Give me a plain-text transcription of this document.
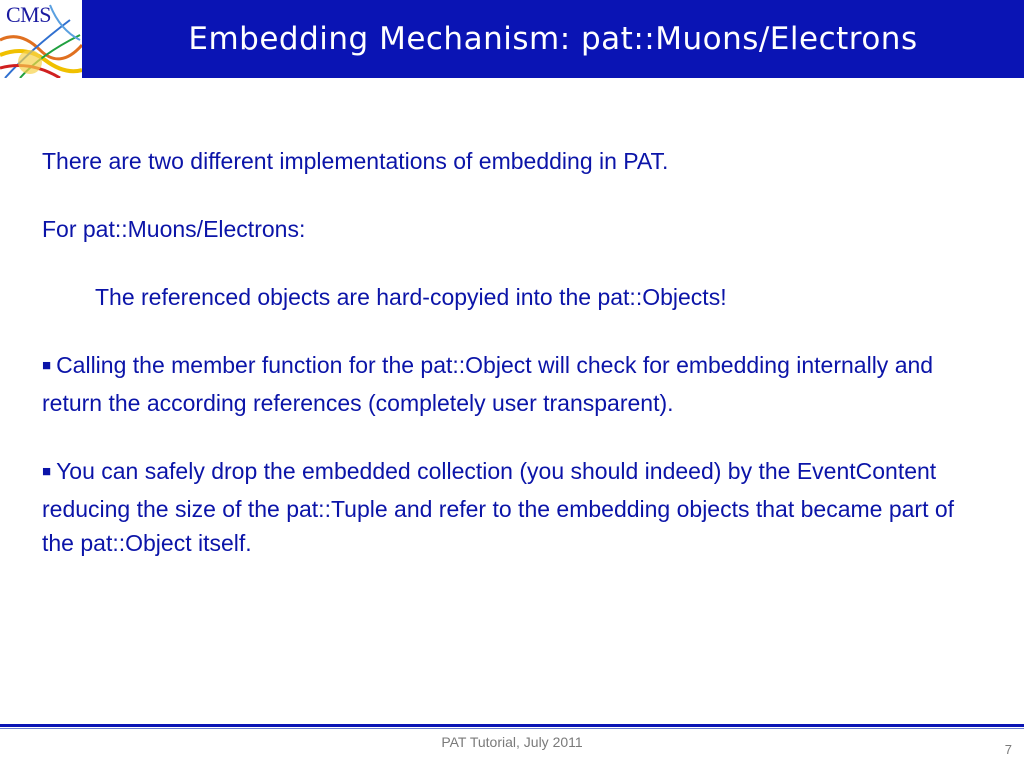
CMS
Embedding Mechanism: pat::Muons/Electrons

There are two different implementations of embedding in PAT.

For pat::Muons/Electrons:

The referenced objects are hard-copyied into the pat::Objects!

■ Calling the member function for the pat::Object will check for embedding internally and return the according references (completely user transparent).

■ You can safely drop the embedded collection (you should indeed) by the EventContent reducing the size of the pat::Tuple and refer to the embedding objects that became part of the pat::Object itself.

PAT Tutorial, July 2011	7
